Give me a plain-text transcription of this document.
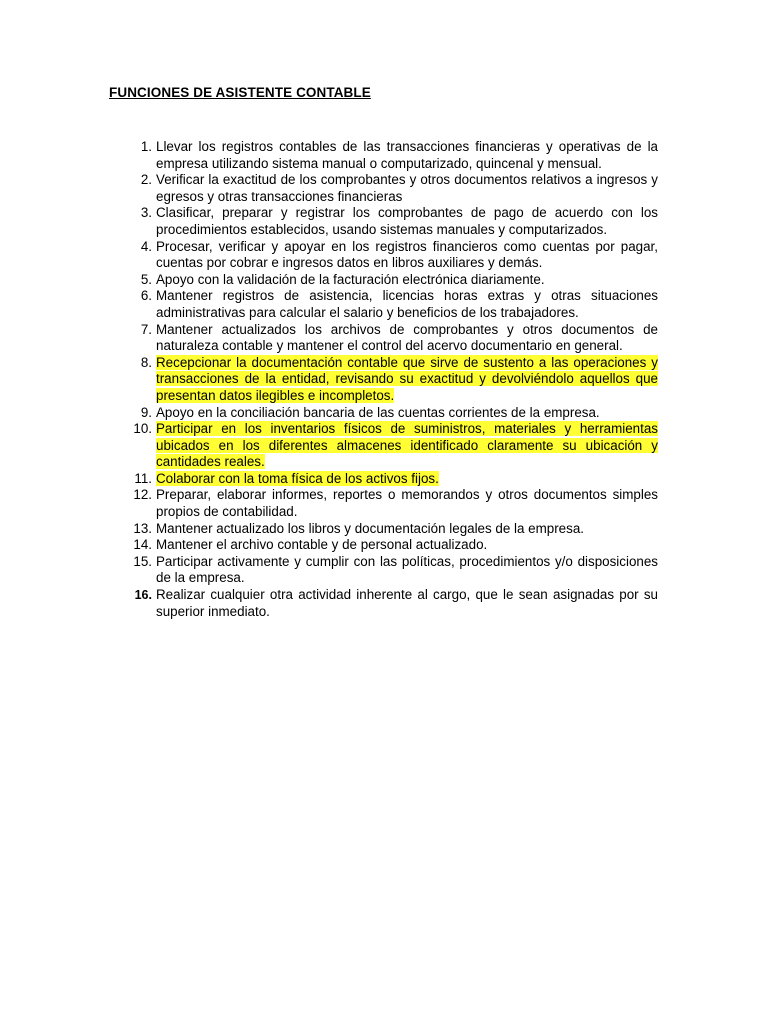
FUNCIONES DE ASISTENTE CONTABLE
1. Llevar los registros contables de las transacciones financieras y operativas de la empresa utilizando sistema manual o computarizado, quincenal y mensual.
2. Verificar la exactitud de los comprobantes y otros documentos relativos a ingresos y egresos y otras transacciones financieras
3. Clasificar, preparar y registrar los comprobantes de pago de acuerdo con los procedimientos establecidos, usando sistemas manuales y computarizados.
4. Procesar, verificar y apoyar en los registros financieros como cuentas por pagar, cuentas por cobrar e ingresos datos en libros auxiliares y demás.
5. Apoyo con la validación de la facturación electrónica diariamente.
6. Mantener registros de asistencia, licencias horas extras y otras situaciones administrativas para calcular el salario y beneficios de los trabajadores.
7. Mantener actualizados los archivos de comprobantes y otros documentos de naturaleza contable y mantener el control del acervo documentario en general.
8. Recepcionar la documentación contable que sirve de sustento a las operaciones y transacciones de la entidad, revisando su exactitud y devolviéndolo aquellos que presentan datos ilegibles e incompletos.
9. Apoyo en la conciliación bancaria de las cuentas corrientes de la empresa.
10. Participar en los inventarios físicos de suministros, materiales y herramientas ubicados en los diferentes almacenes identificado claramente su ubicación y cantidades reales.
11. Colaborar con la toma física de los activos fijos.
12. Preparar, elaborar informes, reportes o memorandos y otros documentos simples propios de contabilidad.
13. Mantener actualizado los libros y documentación legales de la empresa.
14. Mantener el archivo contable y de personal actualizado.
15. Participar activamente y cumplir con las políticas, procedimientos y/o disposiciones de la empresa.
16. Realizar cualquier otra actividad inherente al cargo, que le sean asignadas por su superior inmediato.
